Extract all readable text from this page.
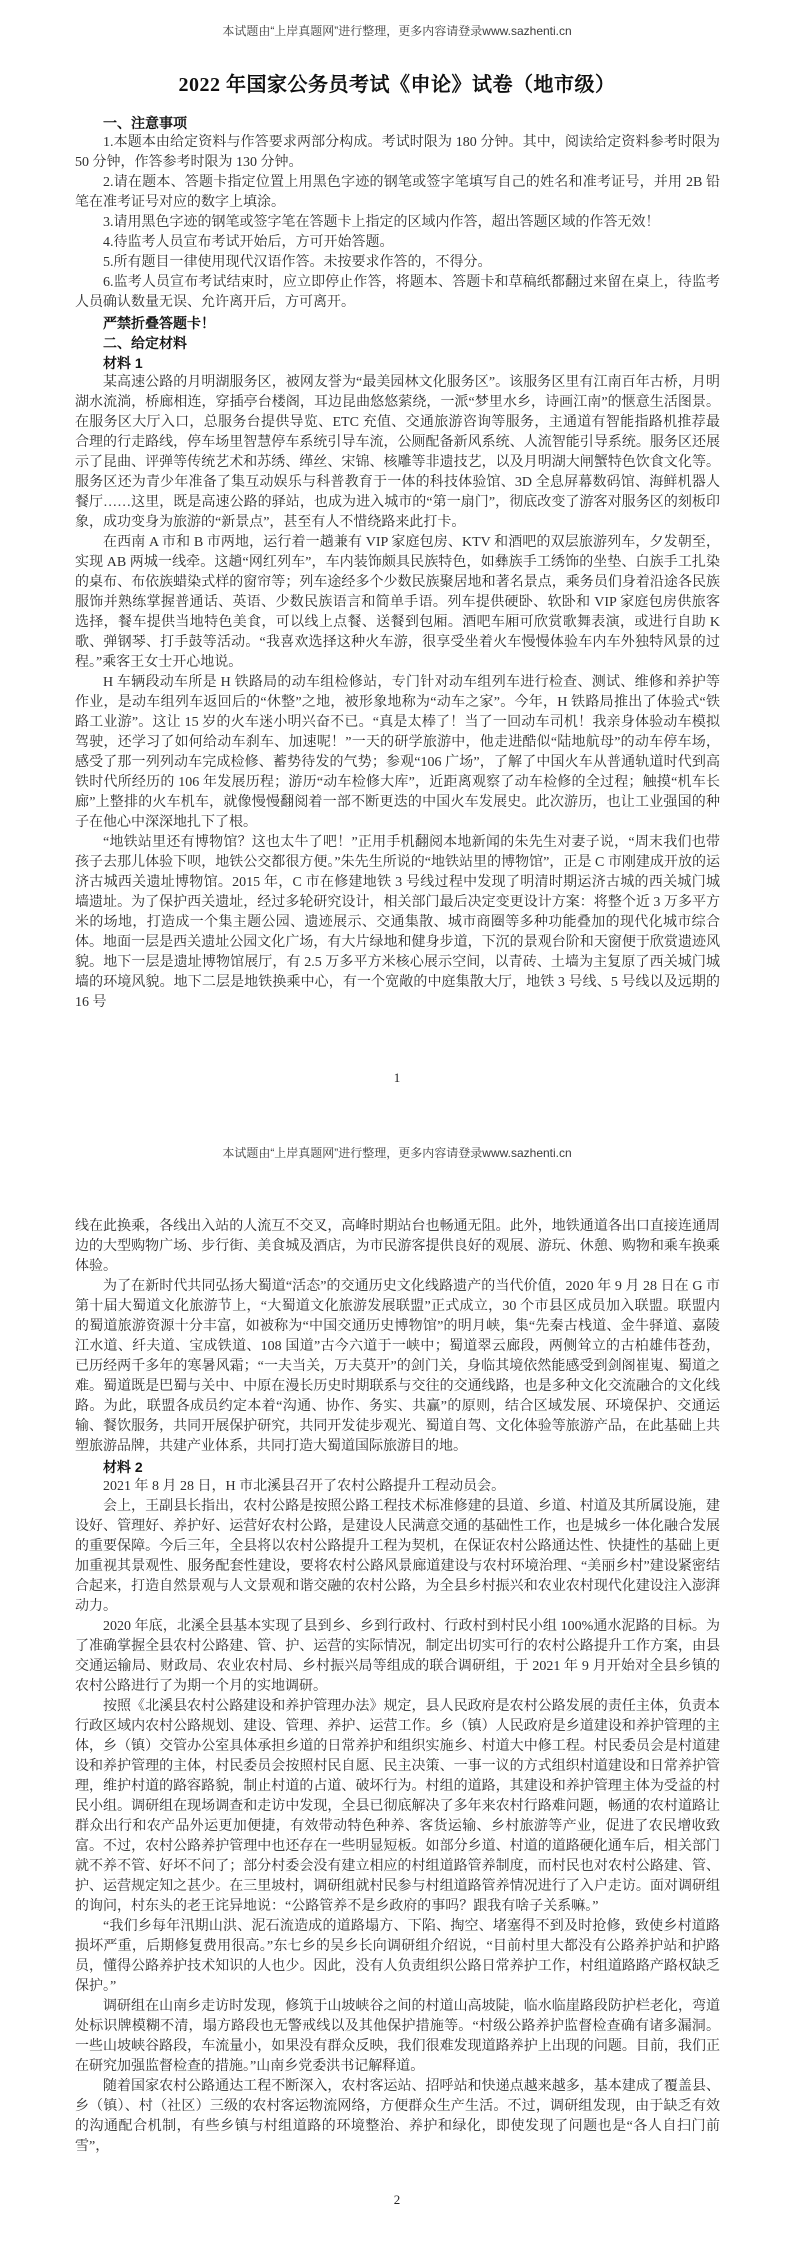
本试题由“上岸真题网”进行整理，更多内容请登录www.sazhenti.cn
2022 年国家公务员考试《申论》试卷（地市级）

一、注意事项

1.本题本由给定资料与作答要求两部分构成。考试时限为 180 分钟。其中，阅读给定资料参考时限为 50 分钟，作答参考时限为 130 分钟。

2.请在题本、答题卡指定位置上用黑色字迹的钢笔或签字笔填写自己的姓名和准考证号，并用 2B 铅笔在准考证号对应的数字上填涂。

3.请用黑色字迹的钢笔或签字笔在答题卡上指定的区域内作答，超出答题区域的作答无效！

4.待监考人员宣布考试开始后，方可开始答题。

5.所有题目一律使用现代汉语作答。未按要求作答的，不得分。

6.监考人员宣布考试结束时，应立即停止作答，将题本、答题卡和草稿纸都翻过来留在桌上，待监考人员确认数量无误、允许离开后，方可离开。

严禁折叠答题卡！

二、给定材料

材料 1

某高速公路的月明湖服务区，被网友誉为“最美园林文化服务区”。该服务区里有江南百年古桥，月明湖水流淌，桥廊相连，穿插亭台楼阁，耳边昆曲悠悠萦绕，一派“梦里水乡，诗画江南”的惬意生活图景。在服务区大厅入口，总服务台提供导览、ETC 充值、交通旅游咨询等服务，主通道有智能指路机推荐最合理的行走路线，停车场里智慧停车系统引导车流，公厕配备新风系统、人流智能引导系统。服务区还展示了昆曲、评弹等传统艺术和苏绣、缂丝、宋锦、核雕等非遗技艺，以及月明湖大闸蟹特色饮食文化等。服务区还为青少年准备了集互动娱乐与科普教育于一体的科技体验馆、3D 全息屏幕数码馆、海鲜机器人餐厅……这里，既是高速公路的驿站，也成为进入城市的“第一扇门”，彻底改变了游客对服务区的刻板印象，成功变身为旅游的“新景点”，甚至有人不惜绕路来此打卡。

在西南 A 市和 B 市两地，运行着一趟兼有 VIP 家庭包房、KTV 和酒吧的双层旅游列车，夕发朝至，实现 AB 两城一线牵。这趟“网红列车”，车内装饰颇具民族特色，如彝族手工绣饰的坐垫、白族手工扎染的桌布、布依族蜡染式样的窗帘等；列车途经多个少数民族聚居地和著名景点，乘务员们身着沿途各民族服饰并熟练掌握普通话、英语、少数民族语言和简单手语。列车提供硬卧、软卧和 VIP 家庭包房供旅客选择，餐车提供当地特色美食，可以线上点餐、送餐到包厢。酒吧车厢可欣赏歌舞表演，或进行自助 K 歌、弹钢琴、打手鼓等活动。“我喜欢选择这种火车游，很享受坐着火车慢慢体验车内车外独特风景的过程。”乘客王女士开心地说。

H 车辆段动车所是 H 铁路局的动车组检修站，专门针对动车组列车进行检查、测试、维修和养护等作业，是动车组列车返回后的“休整”之地，被形象地称为“动车之家”。今年，H 铁路局推出了体验式“铁路工业游”。这让 15 岁的火车迷小明兴奋不已。“真是太棒了！当了一回动车司机！我亲身体验动车模拟驾驶，还学习了如何给动车刹车、加速呢！”一天的研学旅游中，他走进酷似“陆地航母”的动车停车场，感受了那一列列动车完成检修、蓄势待发的气势；参观“106 广场”，了解了中国火车从普通轨道时代到高铁时代所经历的 106 年发展历程；游历“动车检修大库”，近距离观察了动车检修的全过程；触摸“机车长廊”上整排的火车机车，就像慢慢翻阅着一部不断更迭的中国火车发展史。此次游历，也让工业强国的种子在他心中深深地扎下了根。

“地铁站里还有博物馆？这也太牛了吧！”正用手机翻阅本地新闻的朱先生对妻子说，“周末我们也带孩子去那儿体验下呗，地铁公交都很方便。”朱先生所说的“地铁站里的博物馆”，正是 C 市刚建成开放的运济古城西关遗址博物馆。2015 年，C 市在修建地铁 3 号线过程中发现了明清时期运济古城的西关城门城墙遗址。为了保护西关遗址，经过多轮研究设计，相关部门最后决定变更设计方案：将整个近 3 万多平方米的场地，打造成一个集主题公园、遗迹展示、交通集散、城市商圈等多种功能叠加的现代化城市综合体。地面一层是西关遗址公园文化广场，有大片绿地和健身步道，下沉的景观台阶和天窗便于欣赏遗迹风貌。地下一层是遗址博物馆展厅，有 2.5 万多平方米核心展示空间，以青砖、土墙为主复原了西关城门城墙的环境风貌。地下二层是地铁换乘中心，有一个宽敞的中庭集散大厅，地铁 3 号线、5 号线以及远期的 16 号

1
本试题由“上岸真题网”进行整理，更多内容请登录www.sazhenti.cn

线在此换乘，各线出入站的人流互不交叉，高峰时期站台也畅通无阻。此外，地铁通道各出口直接连通周边的大型购物广场、步行街、美食城及酒店，为市民游客提供良好的观展、游玩、休憩、购物和乘车换乘体验。

为了在新时代共同弘扬大蜀道“活态”的交通历史文化线路遗产的当代价值，2020 年 9 月 28 日在 G 市第十届大蜀道文化旅游节上，“大蜀道文化旅游发展联盟”正式成立，30 个市县区成员加入联盟。联盟内的蜀道旅游资源十分丰富，如被称为“中国交通历史博物馆”的明月峡，集“先秦古栈道、金牛驿道、嘉陵江水道、纤夫道、宝成铁道、108 国道”古今六道于一峡中；蜀道翠云廊段，两侧耸立的古柏雄伟苍劲，已历经两千多年的寒暑风霜；“一夫当关，万夫莫开”的剑门关，身临其境依然能感受到剑阁崔嵬、蜀道之难。蜀道既是巴蜀与关中、中原在漫长历史时期联系与交往的交通线路，也是多种文化交流融合的文化线路。为此，联盟各成员约定本着“沟通、协作、务实、共赢”的原则，结合区域发展、环境保护、交通运输、餐饮服务，共同开展保护研究，共同开发徒步观光、蜀道自驾、文化体验等旅游产品，在此基础上共塑旅游品牌，共建产业体系，共同打造大蜀道国际旅游目的地。

材料 2

2021 年 8 月 28 日，H 市北溪县召开了农村公路提升工程动员会。

会上，王副县长指出，农村公路是按照公路工程技术标准修建的县道、乡道、村道及其所属设施，建设好、管理好、养护好、运营好农村公路，是建设人民满意交通的基础性工作，也是城乡一体化融合发展的重要保障。今后三年，全县将以农村公路提升工程为契机，在保证农村公路通达性、快捷性的基础上更加重视其景观性、服务配套性建设，要将农村公路风景廊道建设与农村环境治理、“美丽乡村”建设紧密结合起来，打造自然景观与人文景观和谐交融的农村公路，为全县乡村振兴和农业农村现代化建设注入澎湃动力。

2020 年底，北溪全县基本实现了县到乡、乡到行政村、行政村到村民小组 100%通水泥路的目标。为了准确掌握全县农村公路建、管、护、运营的实际情况，制定出切实可行的农村公路提升工作方案，由县交通运输局、财政局、农业农村局、乡村振兴局等组成的联合调研组，于 2021 年 9 月开始对全县乡镇的农村公路进行了为期一个月的实地调研。

按照《北溪县农村公路建设和养护管理办法》规定，县人民政府是农村公路发展的责任主体，负责本行政区域内农村公路规划、建设、管理、养护、运营工作。乡（镇）人民政府是乡道建设和养护管理的主体，乡（镇）交管办公室具体承担乡道的日常养护和组织实施乡、村道大中修工程。村民委员会是村道建设和养护管理的主体，村民委员会按照村民自愿、民主决策、一事一议的方式组织村道建设和日常养护管理，维护村道的路容路貌，制止村道的占道、破坏行为。村组的道路，其建设和养护管理主体为受益的村民小组。调研组在现场调查和走访中发现，全县已彻底解决了多年来农村行路难问题，畅通的农村道路让群众出行和农产品外运更加便捷，有效带动特色种养、客货运输、乡村旅游等产业，促进了农民增收致富。不过，农村公路养护管理中也还存在一些明显短板。如部分乡道、村道的道路硬化通车后，相关部门就不养不管、好坏不问了；部分村委会没有建立相应的村组道路管养制度，而村民也对农村公路建、管、护、运营规定知之甚少。在三里坡村，调研组就村民参与村组道路管养情况进行了入户走访。面对调研组的询问，村东头的老王诧异地说：“公路管养不是乡政府的事吗？跟我有啥子关系嘛。”

“我们乡每年汛期山洪、泥石流造成的道路塌方、下陷、掏空、堵塞得不到及时抢修，致使乡村道路损坏严重，后期修复费用很高。”东七乡的吴乡长向调研组介绍说，“目前村里大都没有公路养护站和护路员，懂得公路养护技术知识的人也少。因此，没有人负责组织公路日常养护工作，村组道路路产路权缺乏保护。”

调研组在山南乡走访时发现，修筑于山坡峡谷之间的村道山高坡陡，临水临崖路段防护栏老化，弯道处标识牌模糊不清，塌方路段也无警戒线以及其他保护措施等。“村级公路养护监督检查确有诸多漏洞。一些山坡峡谷路段，车流量小，如果没有群众反映，我们很难发现道路养护上出现的问题。目前，我们正在研究加强监督检查的措施。”山南乡党委洪书记解释道。

随着国家农村公路通达工程不断深入，农村客运站、招呼站和快递点越来越多，基本建成了覆盖县、乡（镇）、村（社区）三级的农村客运物流网络，方便群众生产生活。不过，调研组发现，由于缺乏有效的沟通配合机制，有些乡镇与村组道路的环境整治、养护和绿化，即使发现了问题也是“各人自扫门前雪”，

2
